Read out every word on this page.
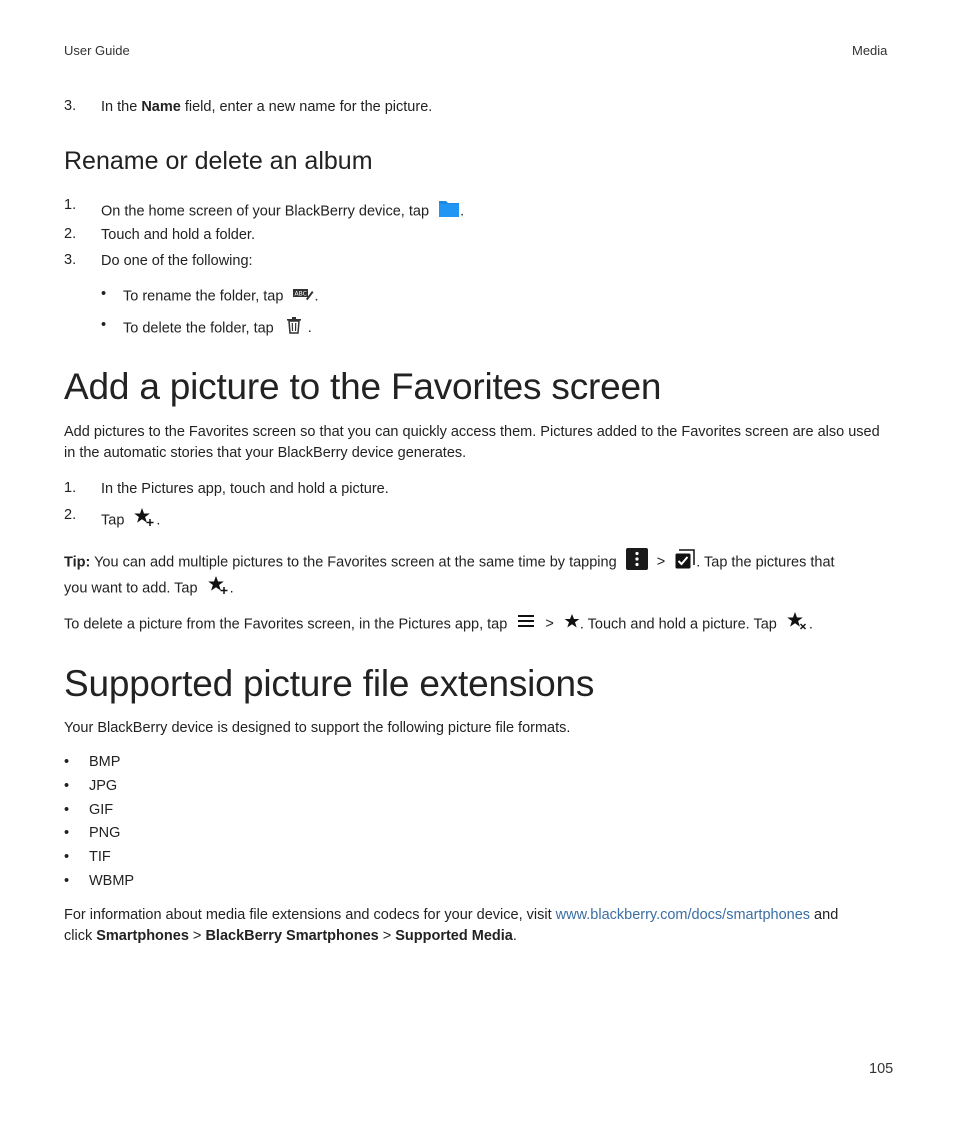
User Guide	Media
3. In the Name field, enter a new name for the picture.
Rename or delete an album
1. On the home screen of your BlackBerry device, tap .
2. Touch and hold a folder.
3. Do one of the following:
• To rename the folder, tap ABC .
• To delete the folder, tap .
Add a picture to the Favorites screen
Add pictures to the Favorites screen so that you can quickly access them. Pictures added to the Favorites screen are also used in the automatic stories that your BlackBerry device generates.
1. In the Pictures app, touch and hold a picture.
2. Tap .
Tip: You can add multiple pictures to the Favorites screen at the same time by tapping	> . Tap the pictures that
you want to add. Tap .
To delete a picture from the Favorites screen, in the Pictures app, tap	> . Touch and hold a picture. Tap .
Supported picture file extensions
Your BlackBerry device is designed to support the following picture file formats.
• BMP
• JPG
• GIF
• PNG
• TIF
• WBMP
For information about media file extensions and codecs for your device, visit www.blackberry.com/docs/smartphones and
click Smartphones > BlackBerry Smartphones > Supported Media.
105
